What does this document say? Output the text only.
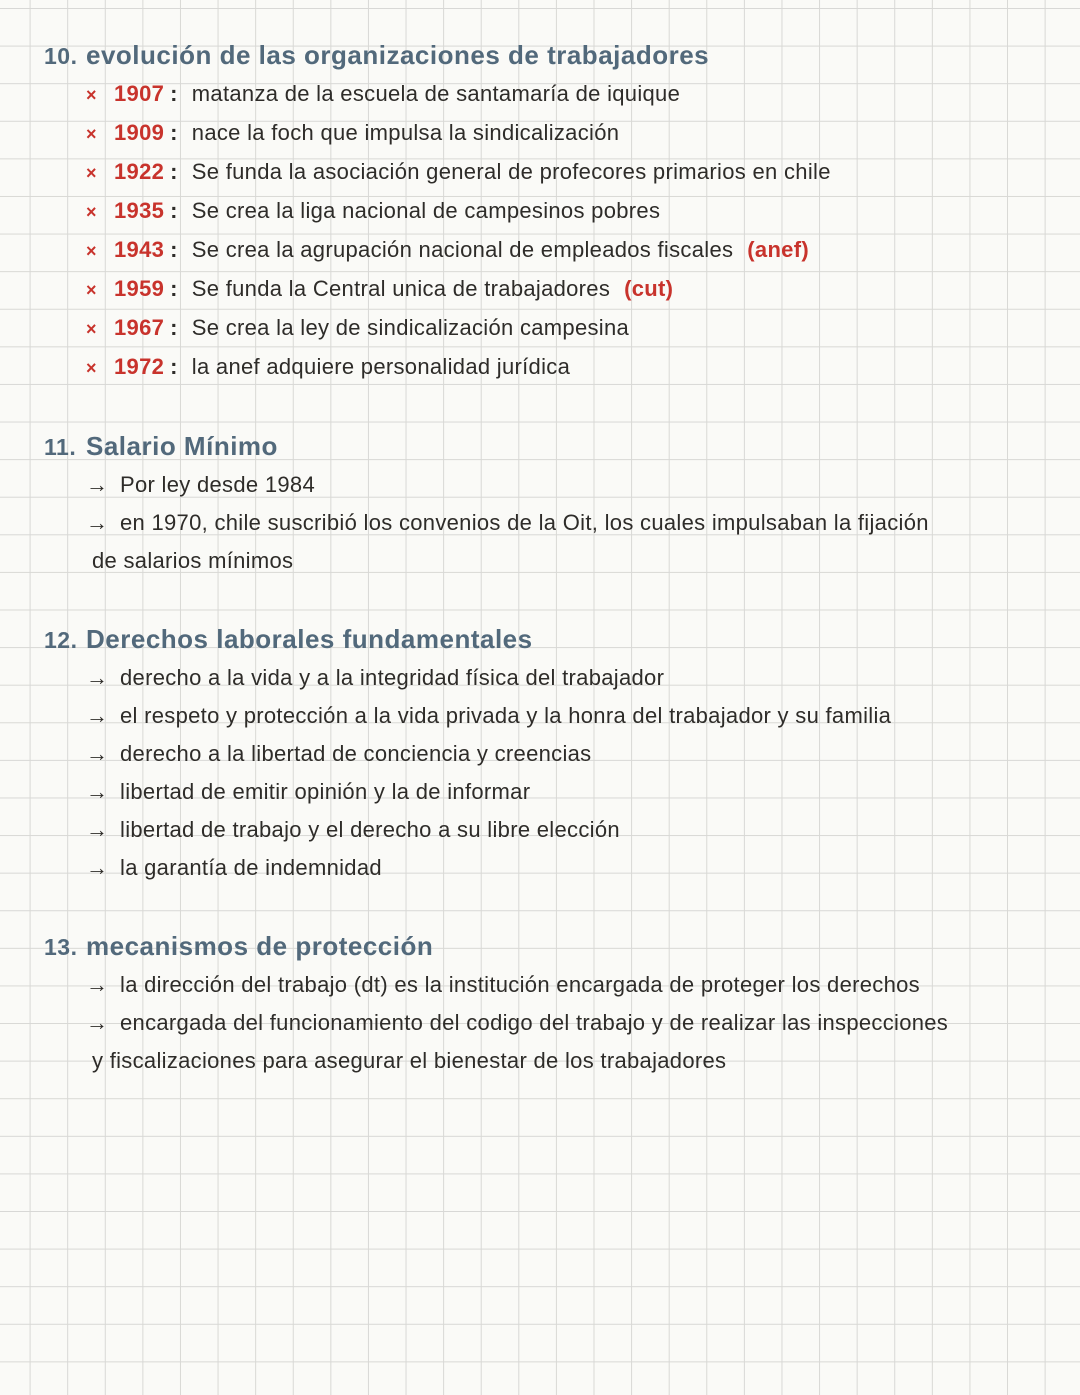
10. evolución de las organizaciones de trabajadores
× 1907 : matanza de la escuela de santamaría de iquique
× 1909 : nace la foch que impulsa la sindicalización
× 1922 : Se funda la asociación general de profecores primarios en chile
× 1935 : Se crea la liga nacional de campesinos pobres
× 1943 : Se crea la agrupación nacional de empleados fiscales (anef)
× 1959 : Se funda la Central unica de trabajadores (cut)
× 1967 : Se crea la ley de sindicalización campesina
× 1972 : la anef adquiere personalidad jurídica
11. Salario Mínimo
→ Por ley desde 1984
→ en 1970, chile suscribió los convenios de la Oit, los cuales impulsaban la fijación
de salarios mínimos
12. Derechos laborales fundamentales
→ derecho a la vida y a la integridad física del trabajador
→ el respeto y protección a la vida privada y la honra del trabajador y su familia
→ derecho a la libertad de conciencia y creencias
→ libertad de emitir opinión y la de informar
→ libertad de trabajo y el derecho a su libre elección
→ la garantía de indemnidad
13. mecanismos de protección
→ la dirección del trabajo (dt) es la institución encargada de proteger los derechos
→ encargada del funcionamiento del codigo del trabajo y de realizar las inspecciones
y fiscalizaciones para asegurar el bienestar de los trabajadores
